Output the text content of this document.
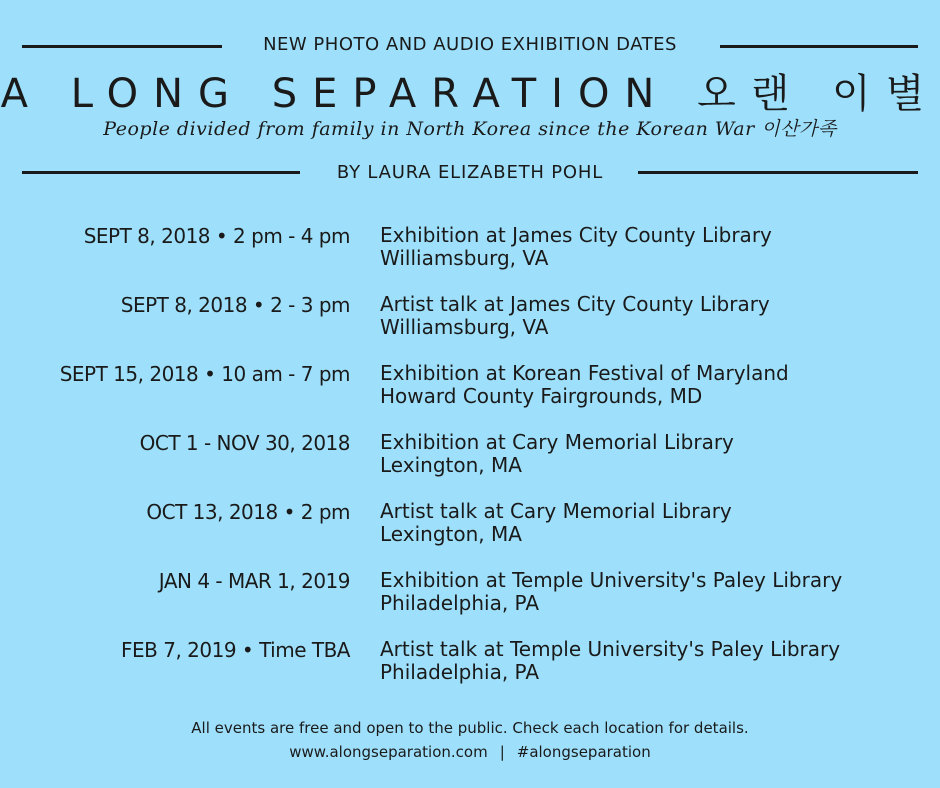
NEW PHOTO AND AUDIO EXHIBITION DATES
A LONG SEPARATION 오랜 이별
People divided from family in North Korea since the Korean War 이산가족
BY LAURA ELIZABETH POHL
SEPT 8, 2018 • 2 pm - 4 pm Exhibition at James City County Library
Williamsburg, VA
SEPT 8, 2018 • 2 - 3 pm Artist talk at James City County Library
Williamsburg, VA
SEPT 15, 2018 • 10 am - 7 pm Exhibition at Korean Festival of Maryland
Howard County Fairgrounds, MD
OCT 1 - NOV 30, 2018 Exhibition at Cary Memorial Library
Lexington, MA
OCT 13, 2018 • 2 pm Artist talk at Cary Memorial Library
Lexington, MA
JAN 4 - MAR 1, 2019 Exhibition at Temple University's Paley Library
Philadelphia, PA
FEB 7, 2019 • Time TBA Artist talk at Temple University's Paley Library
Philadelphia, PA
All events are free and open to the public. Check each location for details.
www.alongseparation.com | #alongseparation
